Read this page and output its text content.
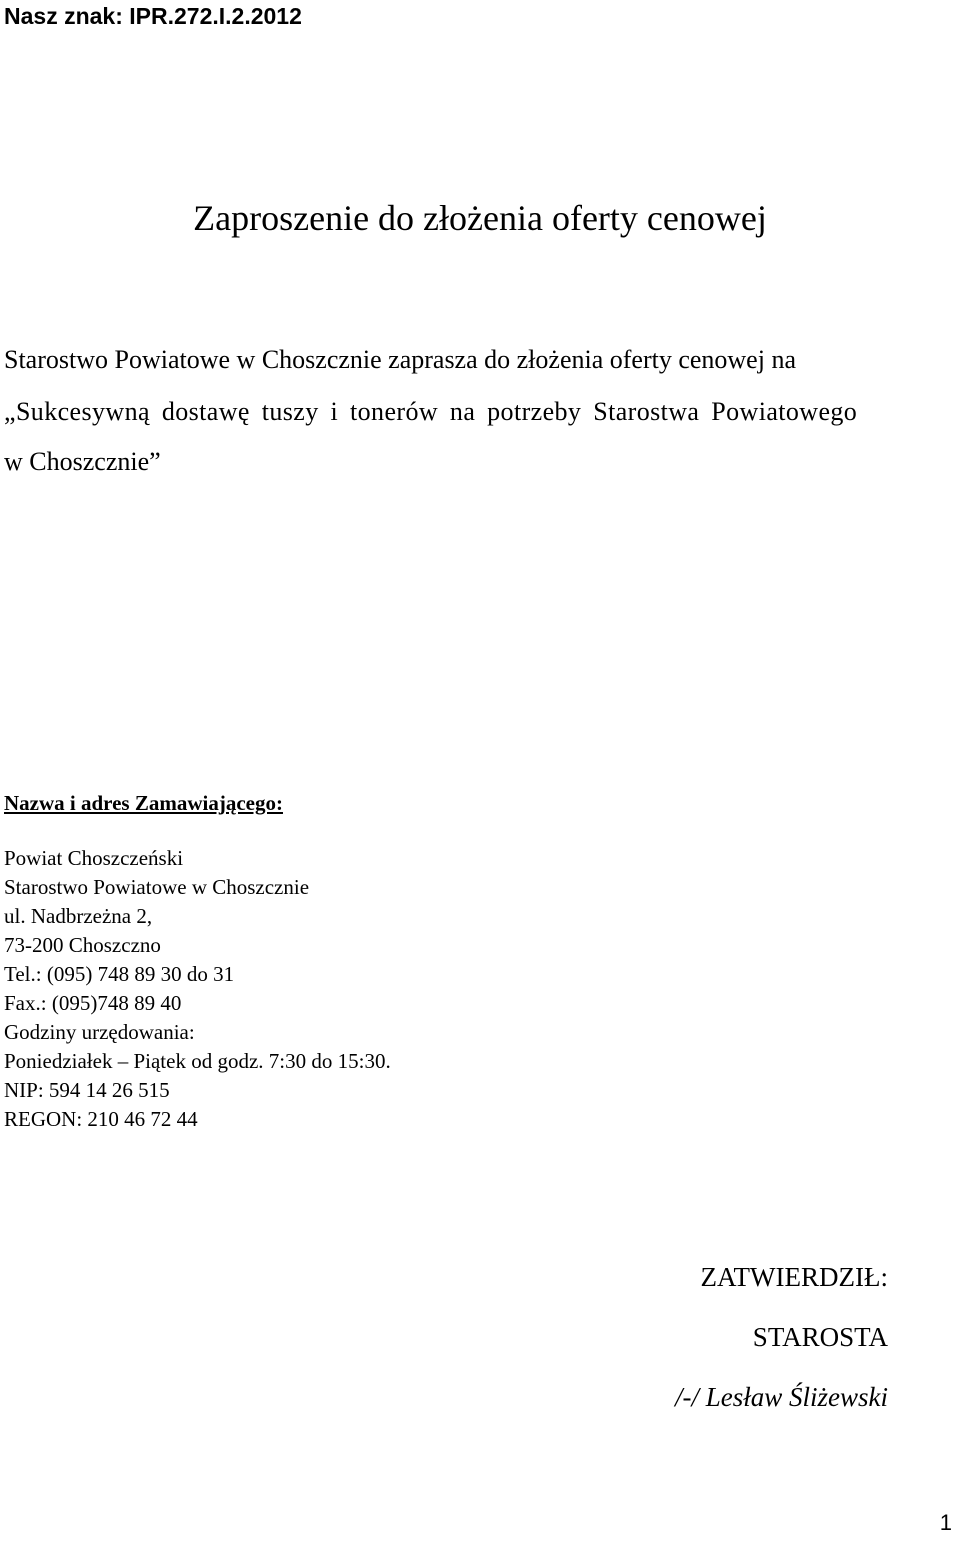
Nasz znak: IPR.272.I.2.2012
Zaproszenie do złożenia oferty cenowej
Starostwo Powiatowe w Choszcznie zaprasza do złożenia oferty cenowej na
„Sukcesywną dostawę tuszy i tonerów na potrzeby Starostwa Powiatowego
w Choszcznie”
Nazwa i adres Zamawiającego:
Powiat Choszczeński
Starostwo Powiatowe w Choszcznie
ul. Nadbrzeżna 2,
73-200 Choszczno
Tel.: (095) 748 89 30 do 31
Fax.: (095)748 89 40
Godziny urzędowania:
Poniedziałek – Piątek od godz. 7:30 do 15:30.
NIP: 594 14 26 515
REGON: 210 46 72 44
ZATWIERDZIŁ:
STAROSTA
/-/ Lesław Śliżewski
1
